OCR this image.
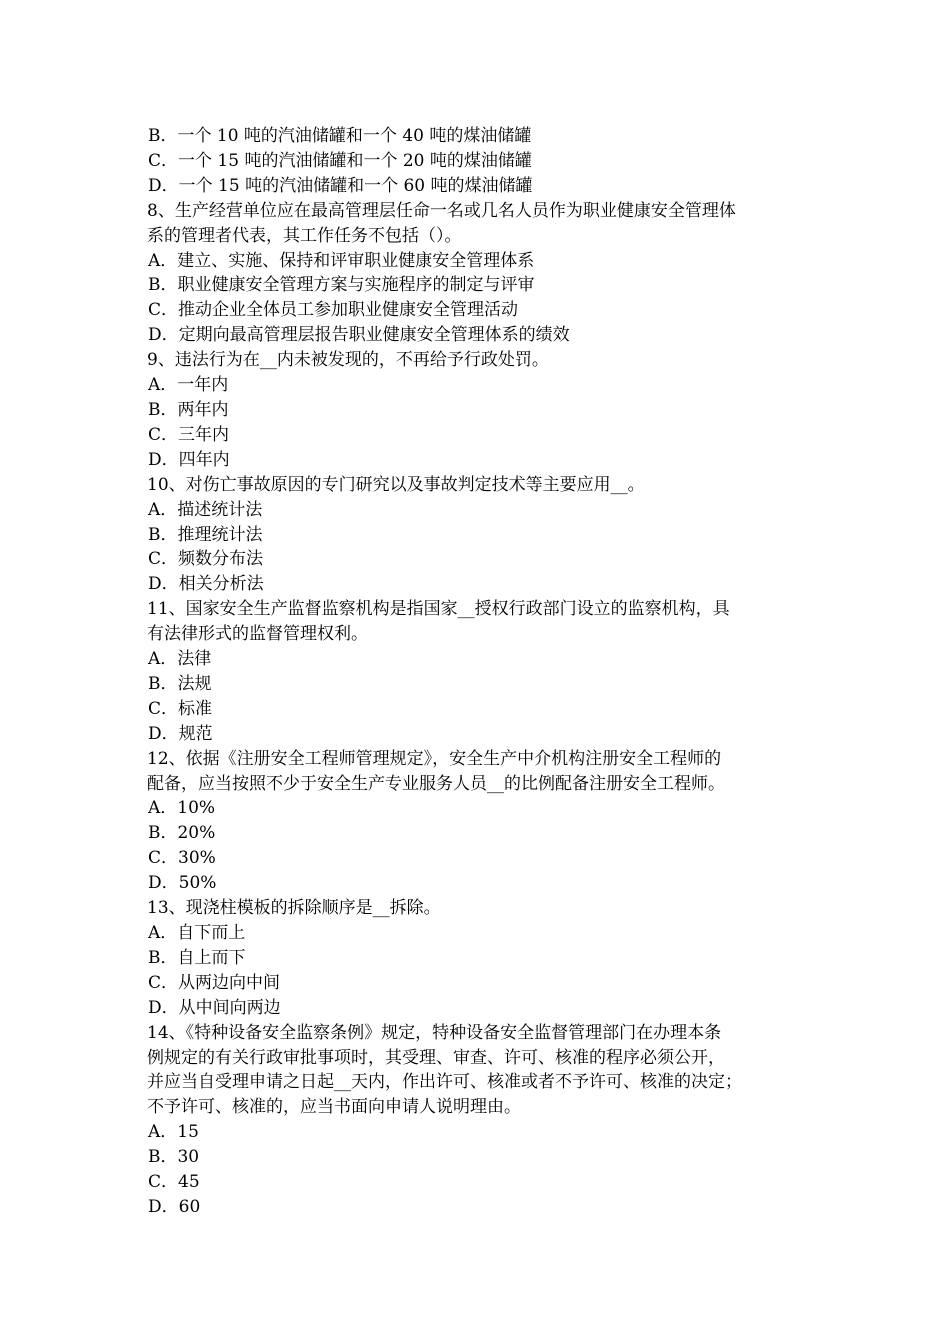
B．一个 10 吨的汽油储罐和一个 40 吨的煤油储罐
C．一个 15 吨的汽油储罐和一个 20 吨的煤油储罐
D．一个 15 吨的汽油储罐和一个 60 吨的煤油储罐
8、生产经营单位应在最高管理层任命一名或几名人员作为职业健康安全管理体
系的管理者代表，其工作任务不包括（）。
A．建立、实施、保持和评审职业健康安全管理体系
B．职业健康安全管理方案与实施程序的制定与评审
C．推动企业全体员工参加职业健康安全管理活动
D．定期向最高管理层报告职业健康安全管理体系的绩效
9、违法行为在__内未被发现的，不再给予行政处罚。
A．一年内
B．两年内
C．三年内
D．四年内
10、对伤亡事故原因的专门研究以及事故判定技术等主要应用__。
A．描述统计法
B．推理统计法
C．频数分布法
D．相关分析法
11、国家安全生产监督监察机构是指国家__授权行政部门设立的监察机构，具
有法律形式的监督管理权利。
A．法律
B．法规
C．标准
D．规范
12、依据《注册安全工程师管理规定》，安全生产中介机构注册安全工程师的
配备，应当按照不少于安全生产专业服务人员__的比例配备注册安全工程师。
A．10%
B．20%
C．30%
D．50%
13、现浇柱模板的拆除顺序是__拆除。
A．自下而上
B．自上而下
C．从两边向中间
D．从中间向两边
14、《特种设备安全监察条例》规定，特种设备安全监督管理部门在办理本条
例规定的有关行政审批事项时，其受理、审查、许可、核准的程序必须公开，
并应当自受理申请之日起__天内，作出许可、核准或者不予许可、核准的决定；
不予许可、核准的，应当书面向申请人说明理由。
A．15
B．30
C．45
D．60
